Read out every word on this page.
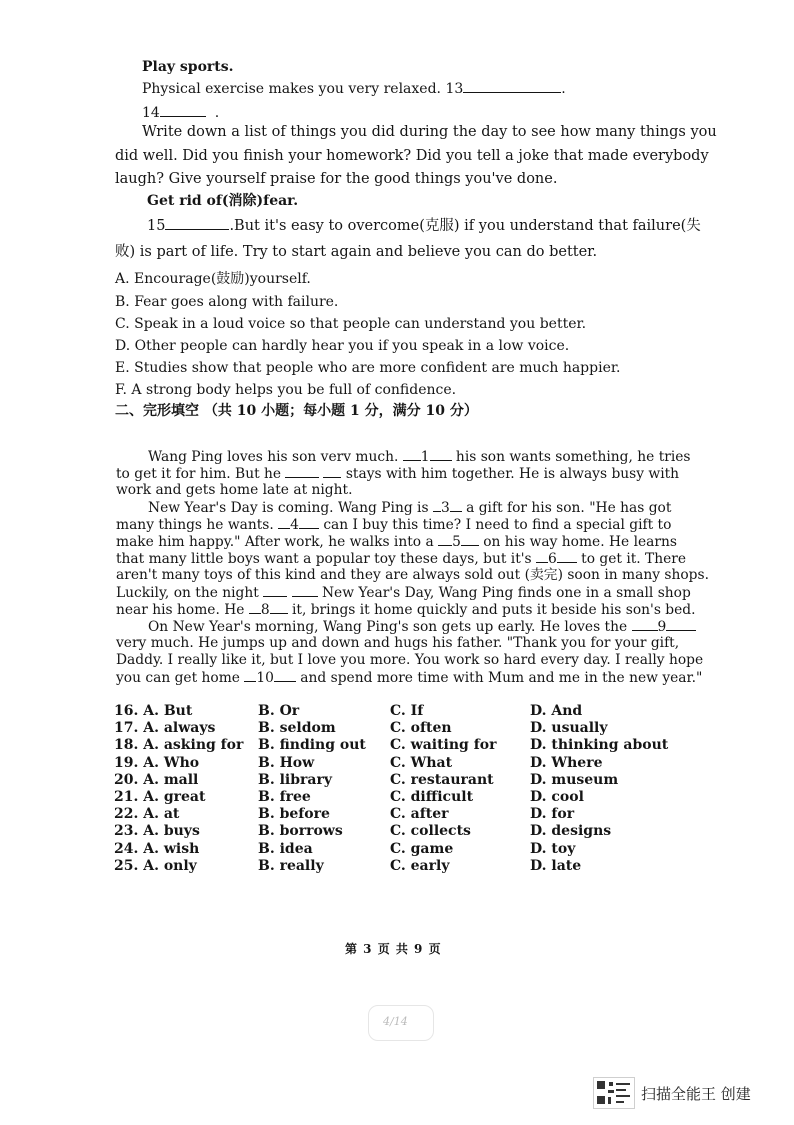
Play sports.
Physical exercise makes you very relaxed. 13	.
14	.
Write down a list of things you did during the day to see how many things you
did well. Did you finish your homework? Did you tell a joke that made everybody
laugh? Give yourself praise for the good things you've done.
Get rid of(消除)fear.
15	.But it's easy to overcome(克服) if you understand that failure(失
败) is part of life. Try to start again and believe you can do better.
A. Encourage(鼓励)yourself.
B. Fear goes along with failure.
C. Speak in a loud voice so that people can understand you better.
D. Other people can hardly hear you if you speak in a low voice.
E. Studies show that people who are more confident are much happier.
F. A strong body helps you be full of confidence.
二、完形填空 （共 10 小题；每小题 1 分，满分 10 分）
Wang Ping loves his son verv much. 1 his son wants something, he tries
to get it for him. But he	stays with him together. He is always busy with
work and gets home late at night.
New Year's Day is coming. Wang Ping is 3 a gift for his son. "He has got
many things he wants. 4 can I buy this time? I need to find a special gift to
make him happy." After work, he walks into a 5 on his way home. He learns
that many little boys want a popular toy these days, but it's 6 to get it. There
aren't many toys of this kind and they are always sold out (卖完) soon in many shops.
Luckily, on the night	New Year's Day, Wang Ping finds one in a small shop
near his home. He 8 it, brings it home quickly and puts it beside his son's bed.
On New Year's morning, Wang Ping's son gets up early. He loves the 9
very much. He jumps up and down and hugs his father. "Thank you for your gift,
Daddy. I really like it, but I love you more. You work so hard every day. I really hope
you can get home 10 and spend more time with Mum and me in the new year."
16. A. But	B. Or	C. If	D. And
17. A. always	B. seldom	C. often	D. usually
18. A. asking for B. finding out C. waiting for D. thinking about
19. A. Who	B. How	C. What	D. Where
20. A. mall	B. library	C. restaurant	D. museum
21. A. great	B. free	C. difficult	D. cool
22. A. at	B. before	C. after	D. for
23. A. buys	B. borrows	C. collects	D. designs
24. A. wish	B. idea	C. game	D. toy
25. A. only	B. really	C. early	D. late
第 3 页 共 9 页
4/14
扫描全能王 创建
